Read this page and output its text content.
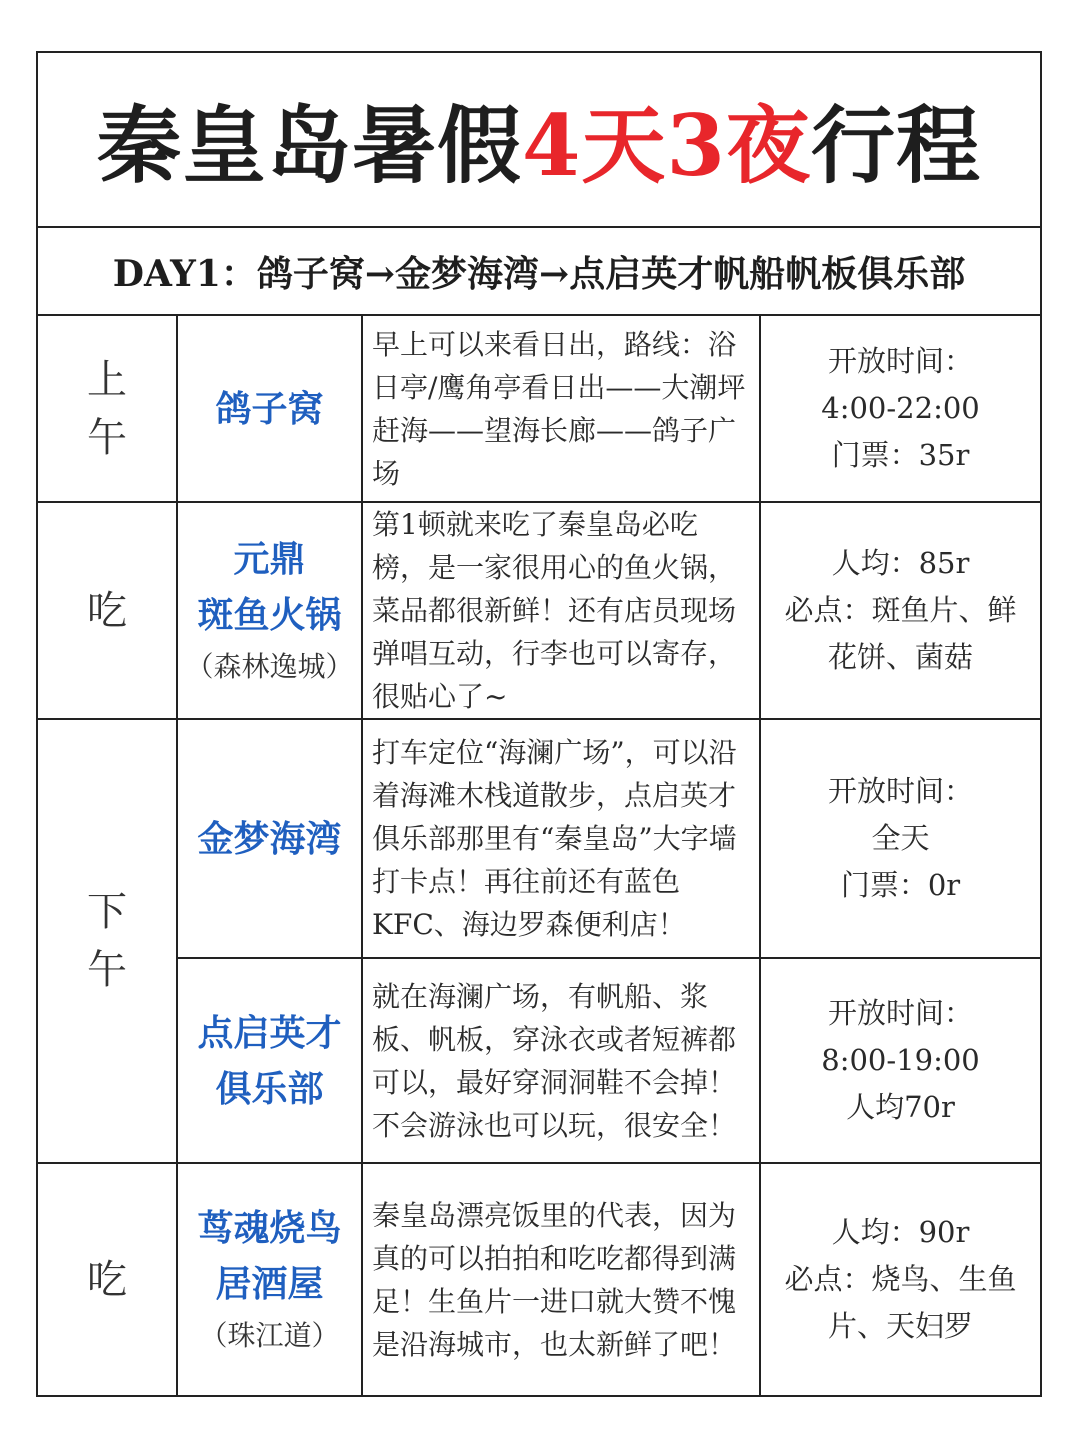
秦皇岛暑假 4天3夜 行程
DAY1：鸽子窝→金梦海湾→点启英才帆船帆板俱乐部
上
午	鸽子窝	早上可以来看日出，路线：浴日亭/鹰角亭看日出——大潮坪赶海——望海长廊——鸽子广场	开放时间：
4:00-22:00
门票：35r

吃	元鼎
斑鱼火锅
（森林逸城）	第1顿就来吃了秦皇岛必吃榜，是一家很用心的鱼火锅，菜品都很新鲜！还有店员现场弹唱互动，行李也可以寄存，很贴心了~	人均：85r
必点：斑鱼片、鲜
花饼、菌菇

下
午	金梦海湾	打车定位“海澜广场”，可以沿着海滩木栈道散步，点启英才俱乐部那里有“秦皇岛”大字墙打卡点！再往前还有蓝色KFC、海边罗森便利店！	开放时间：
全天
门票：0r

	点启英才
俱乐部	就在海澜广场，有帆船、浆板、帆板，穿泳衣或者短裤都可以，最好穿洞洞鞋不会掉！不会游泳也可以玩，很安全！	开放时间：
8:00-19:00
人均70r

吃	茑魂烧鸟
居酒屋
（珠江道）	秦皇岛漂亮饭里的代表，因为真的可以拍拍和吃吃都得到满足！生鱼片一进口就大赞不愧是沿海城市，也太新鲜了吧！	人均：90r
必点：烧鸟、生鱼
片、天妇罗
